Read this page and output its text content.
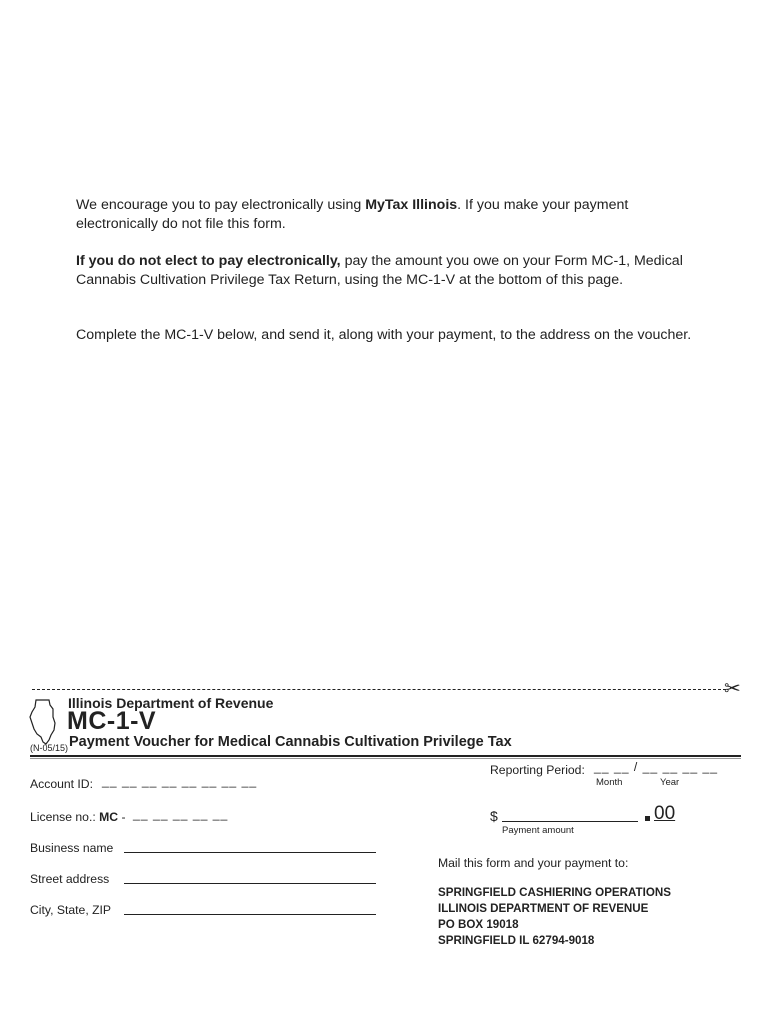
We encourage you to pay electronically using MyTax Illinois. If you make your payment electronically do not file this form.
If you do not elect to pay electronically, pay the amount you owe on your Form MC-1, Medical Cannabis Cultivation Privilege Tax Return, using the MC-1-V at the bottom of this page.
Complete the MC-1-V below, and send it, along with your payment, to the address on the voucher.
✂
Illinois Department of Revenue
MC-1-V
(N-05/15) Payment Voucher for Medical Cannabis Cultivation Privilege Tax
Account ID: __ __ __ __ __ __ __ __
License no.: MC - __ __ __ __ __
Business name
Street address
City, State, ZIP
Reporting Period: __ __ / __ __ __ __
Month	Year
$	00
Payment amount
Mail this form and your payment to:
SPRINGFIELD CASHIERING OPERATIONS
ILLINOIS DEPARTMENT OF REVENUE
PO BOX 19018
SPRINGFIELD IL 62794-9018
